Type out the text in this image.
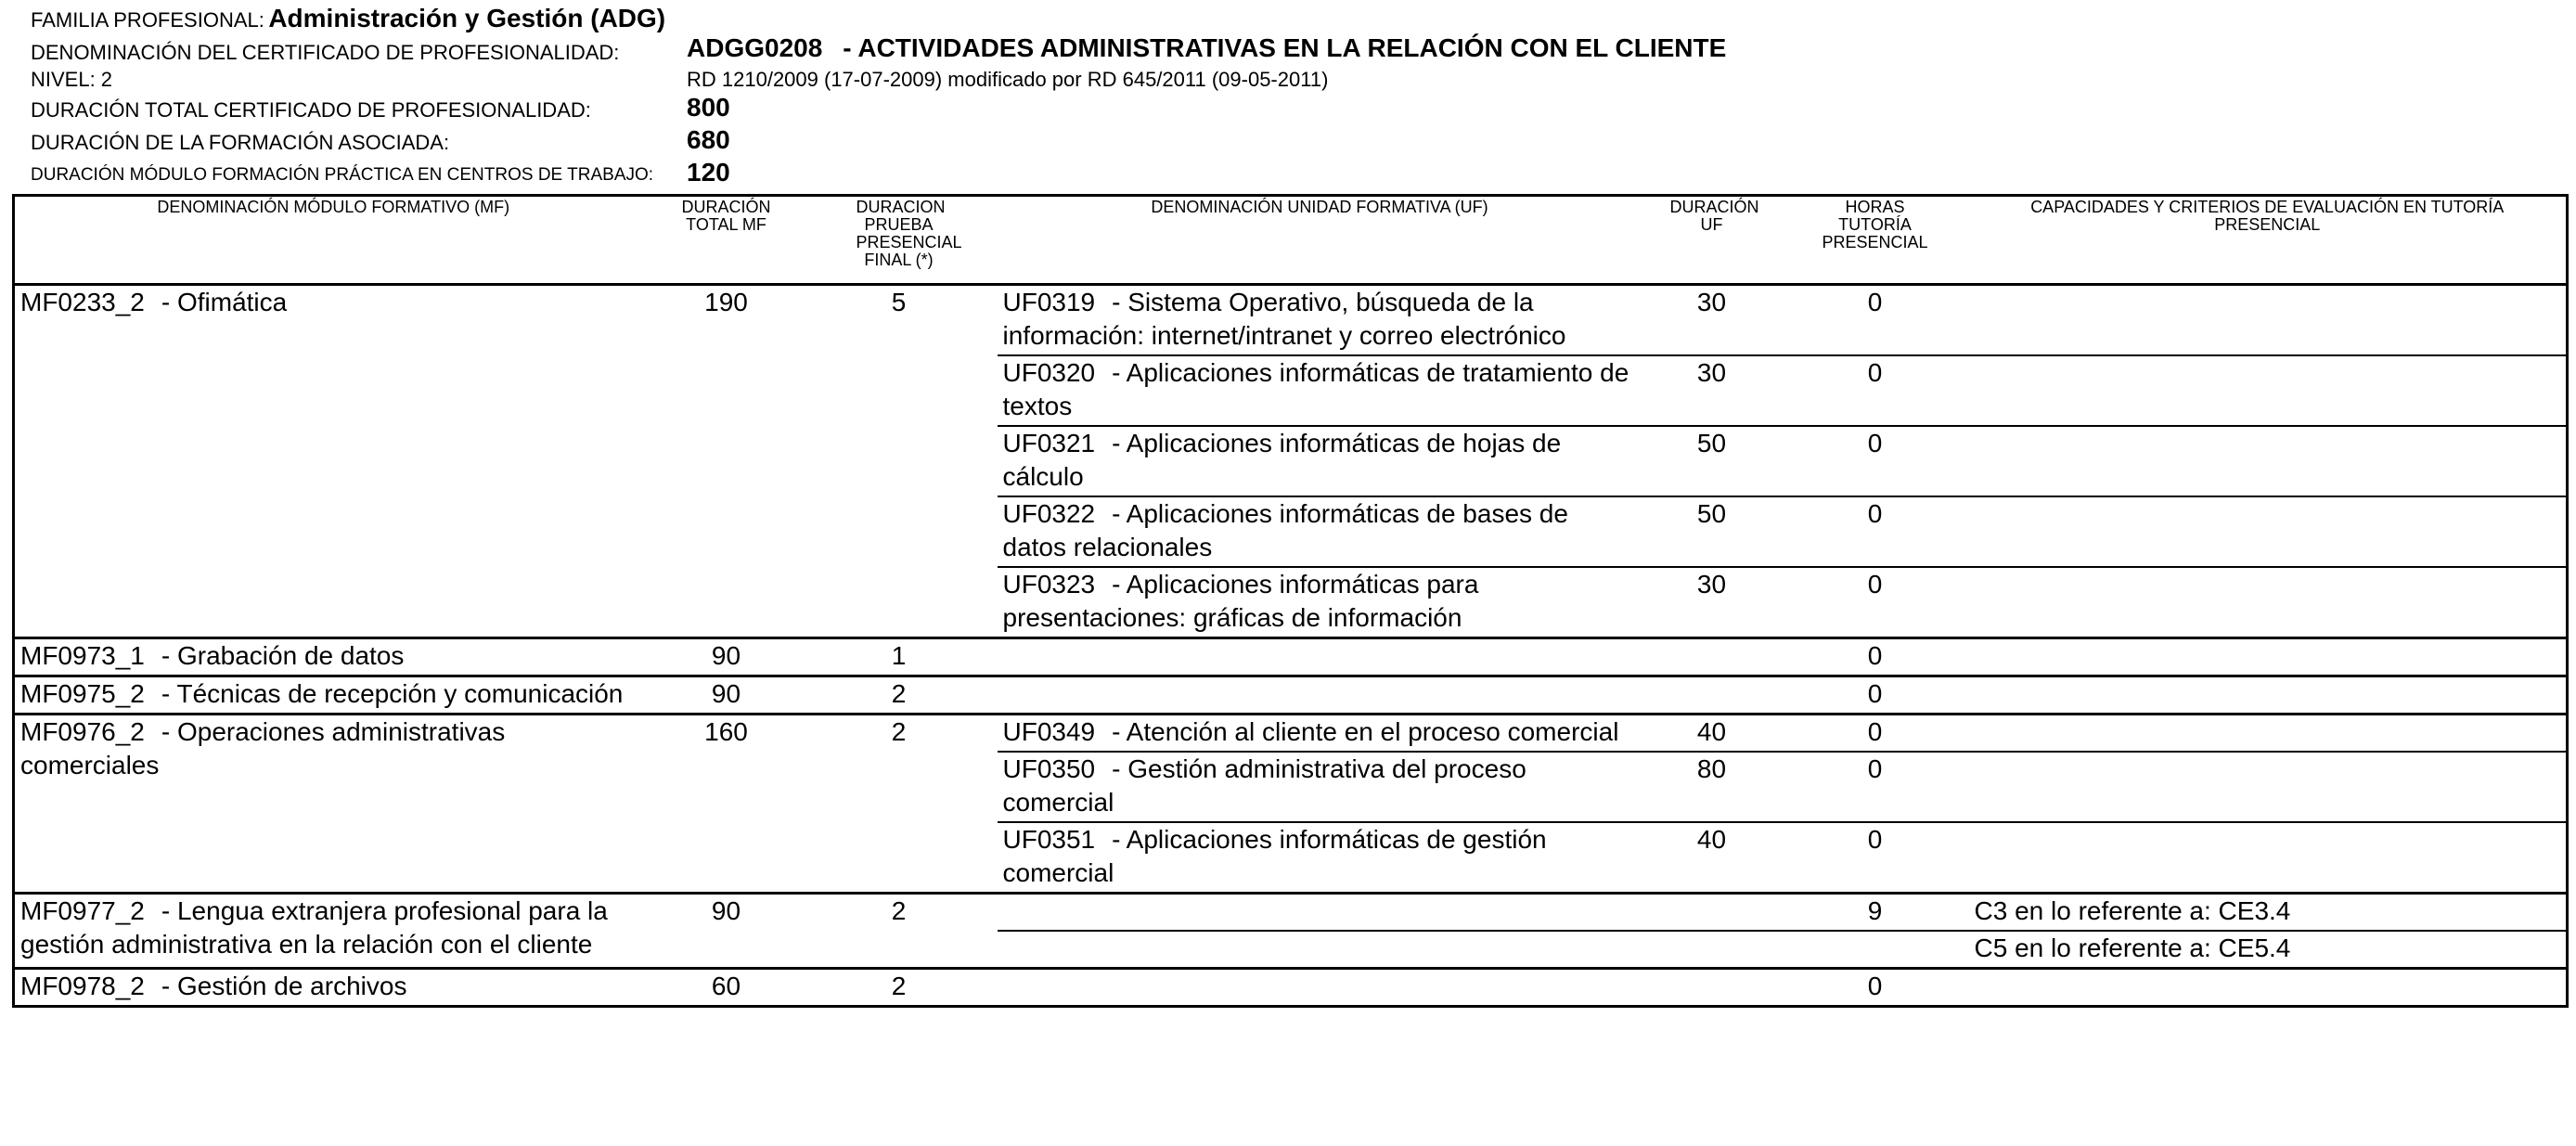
FAMILIA PROFESIONAL: Administración y Gestión (ADG)
DENOMINACIÓN DEL CERTIFICADO DE PROFESIONALIDAD:	ADGG0208 - ACTIVIDADES ADMINISTRATIVAS EN LA RELACIÓN CON EL CLIENTE
NIVEL: 2	RD 1210/2009 (17-07-2009) modificado por RD 645/2011 (09-05-2011)
DURACIÓN TOTAL CERTIFICADO DE PROFESIONALIDAD:	800
DURACIÓN DE LA FORMACIÓN ASOCIADA:	680
DURACIÓN MÓDULO FORMACIÓN PRÁCTICA EN CENTROS DE TRABAJO: 120
DENOMINACIÓN MÓDULO FORMATIVO (MF)	DURACIÓN TOTAL MF	DURACION PRUEBA PRESENCIAL FINAL (*)	DENOMINACIÓN UNIDAD FORMATIVA (UF)	DURACIÓN UF	HORAS TUTORÍA PRESENCIAL	CAPACIDADES Y CRITERIOS DE EVALUACIÓN EN TUTORÍA PRESENCIAL
MF0233_2 - Ofimática	190	5	UF0319 - Sistema Operativo, búsqueda de la información: internet/intranet y correo electrónico	30	0	
			UF0320 - Aplicaciones informáticas de tratamiento de textos	30	0	
			UF0321 - Aplicaciones informáticas de hojas de cálculo	50	0	
			UF0322 - Aplicaciones informáticas de bases de datos relacionales	50	0	
			UF0323 - Aplicaciones informáticas para presentaciones: gráficas de información	30	0	
MF0973_1 - Grabación de datos	90	1			0	
MF0975_2 - Técnicas de recepción y comunicación	90	2			0	
MF0976_2 - Operaciones administrativas comerciales	160	2	UF0349 - Atención al cliente en el proceso comercial	40	0	
			UF0350 - Gestión administrativa del proceso comercial	80	0	
			UF0351 - Aplicaciones informáticas de gestión comercial	40	0	
MF0977_2 - Lengua extranjera profesional para la gestión administrativa en la relación con el cliente	90	2			9	C3 en lo referente a: CE3.4
						C5 en lo referente a: CE5.4
MF0978_2 - Gestión de archivos	60	2			0	
